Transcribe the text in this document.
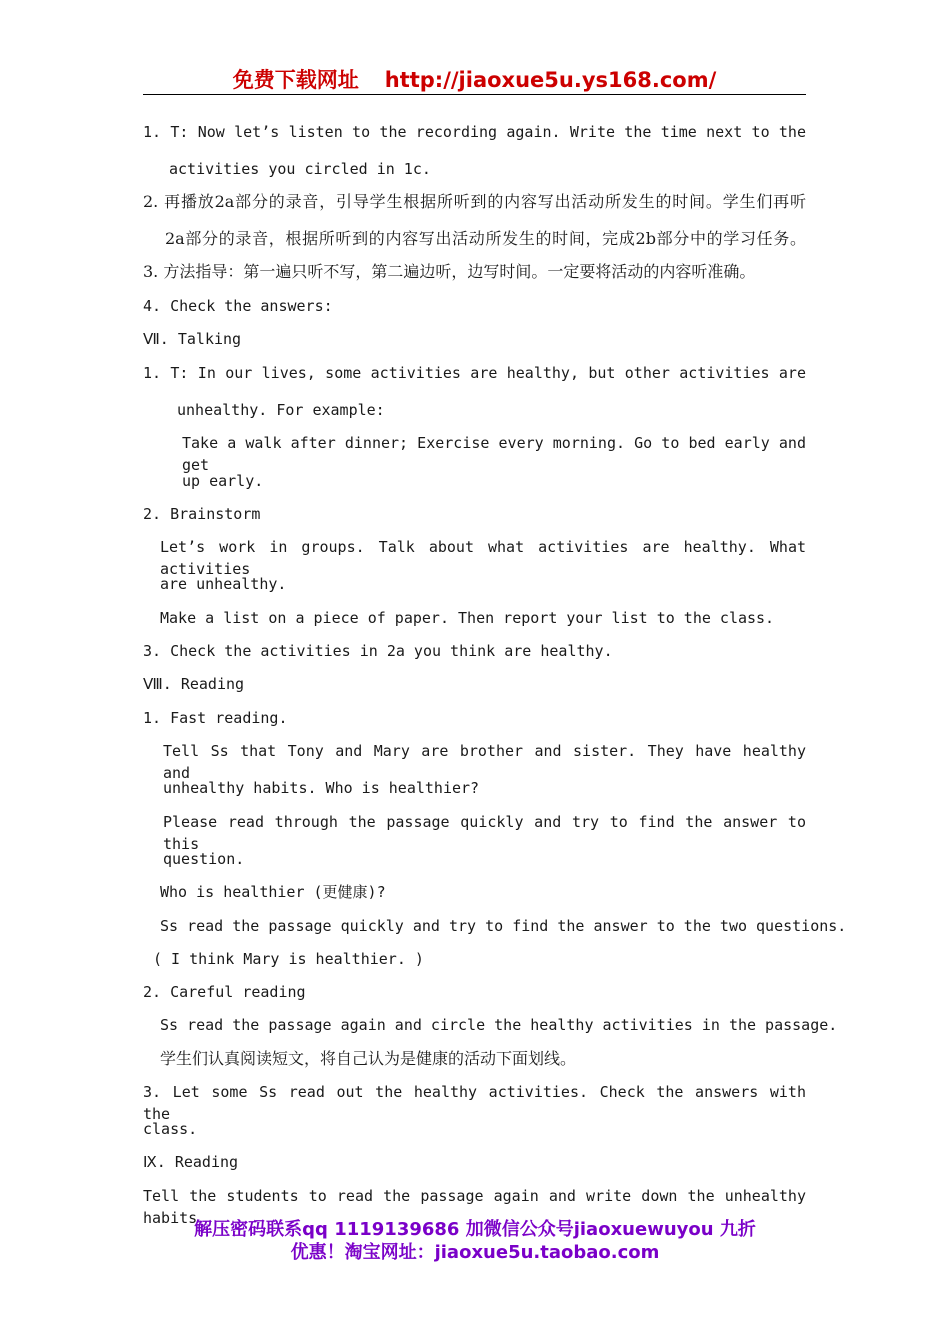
免费下载网址 http://jiaoxue5u.ys168.com/
1. T: Now let’s listen to the recording again. Write the time next to the
activities you circled in 1c.
2. 再播放2a部分的录音，引导学生根据所听到的内容写出活动所发生的时间。学生们再听
2a部分的录音，根据所听到的内容写出活动所发生的时间，完成2b部分中的学习任务。
3. 方法指导：第一遍只听不写，第二遍边听，边写时间。一定要将活动的内容听准确。
4. Check the answers:
Ⅶ. Talking
1. T: In our lives, some activities are healthy, but other activities are
unhealthy. For example:
Take a walk after dinner; Exercise every morning. Go to bed early and get
up early.
2. Brainstorm
Let’s work in groups. Talk about what activities are healthy. What activities
are unhealthy.
Make a list on a piece of paper. Then report your list to the class.
3. Check the activities in 2a you think are healthy.
Ⅷ. Reading
1. Fast reading.
Tell Ss that Tony and Mary are brother and sister. They have healthy and
unhealthy habits. Who is healthier?
Please read through the passage quickly and try to find the answer to this
question.
Who is healthier (更健康)?
Ss read the passage quickly and try to find the answer to the two questions.
( I think Mary is healthier. )
2. Careful reading
Ss read the passage again and circle the healthy activities in the passage.
学生们认真阅读短文，将自己认为是健康的活动下面划线。
3. Let some Ss read out the healthy activities. Check the answers with the
class.
Ⅸ. Reading
Tell the students to read the passage again and write down the unhealthy habits
解压密码联系qq 1119139686 加微信公众号jiaoxuewuyou 九折
优惠！淘宝网址：jiaoxue5u.taobao.com
